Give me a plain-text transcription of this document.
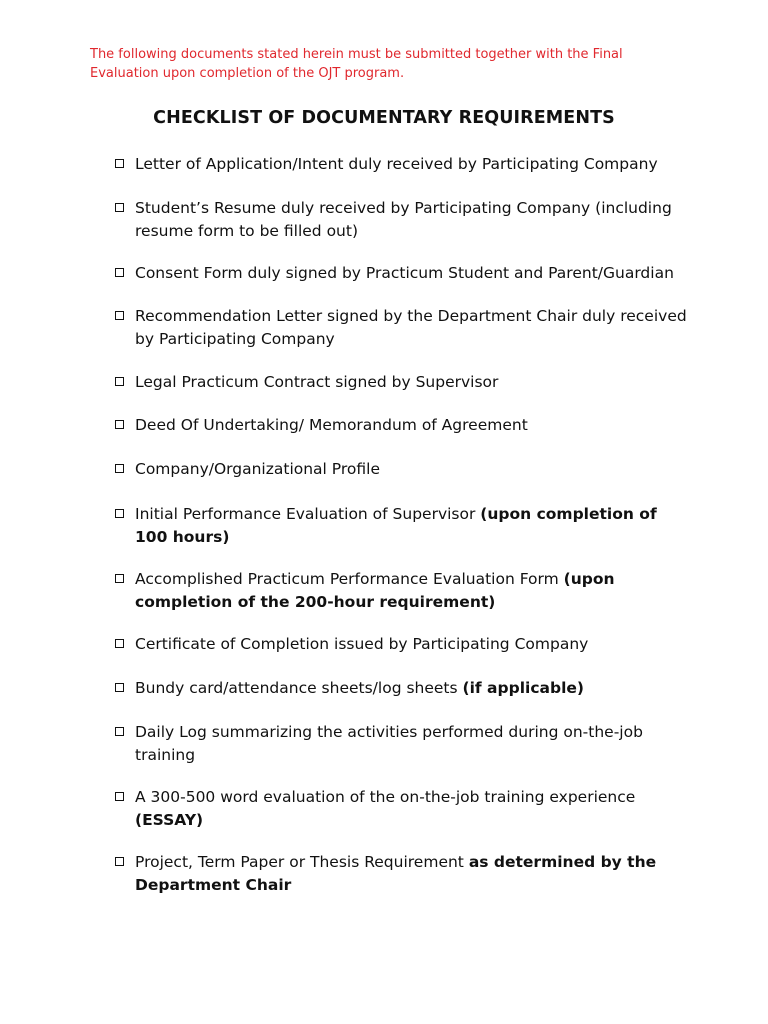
The following documents stated herein must be submitted together with the Final Evaluation upon completion of the OJT program.

CHECKLIST OF DOCUMENTARY REQUIREMENTS
Letter of Application/Intent duly received by Participating Company
Student’s Resume duly received by Participating Company (including resume form to be filled out)
Consent Form duly signed by Practicum Student and Parent/Guardian
Recommendation Letter signed by the Department Chair duly received by Participating Company
Legal Practicum Contract signed by Supervisor
Deed Of Undertaking/ Memorandum of Agreement
Company/Organizational Profile
Initial Performance Evaluation of Supervisor (upon completion of 100 hours)
Accomplished Practicum Performance Evaluation Form (upon completion of the 200-hour requirement)
Certificate of Completion issued by Participating Company
Bundy card/attendance sheets/log sheets (if applicable)
Daily Log summarizing the activities performed during on-the-job training
A 300-500 word evaluation of the on-the-job training experience (ESSAY)
Project, Term Paper or Thesis Requirement as determined by the Department Chair
